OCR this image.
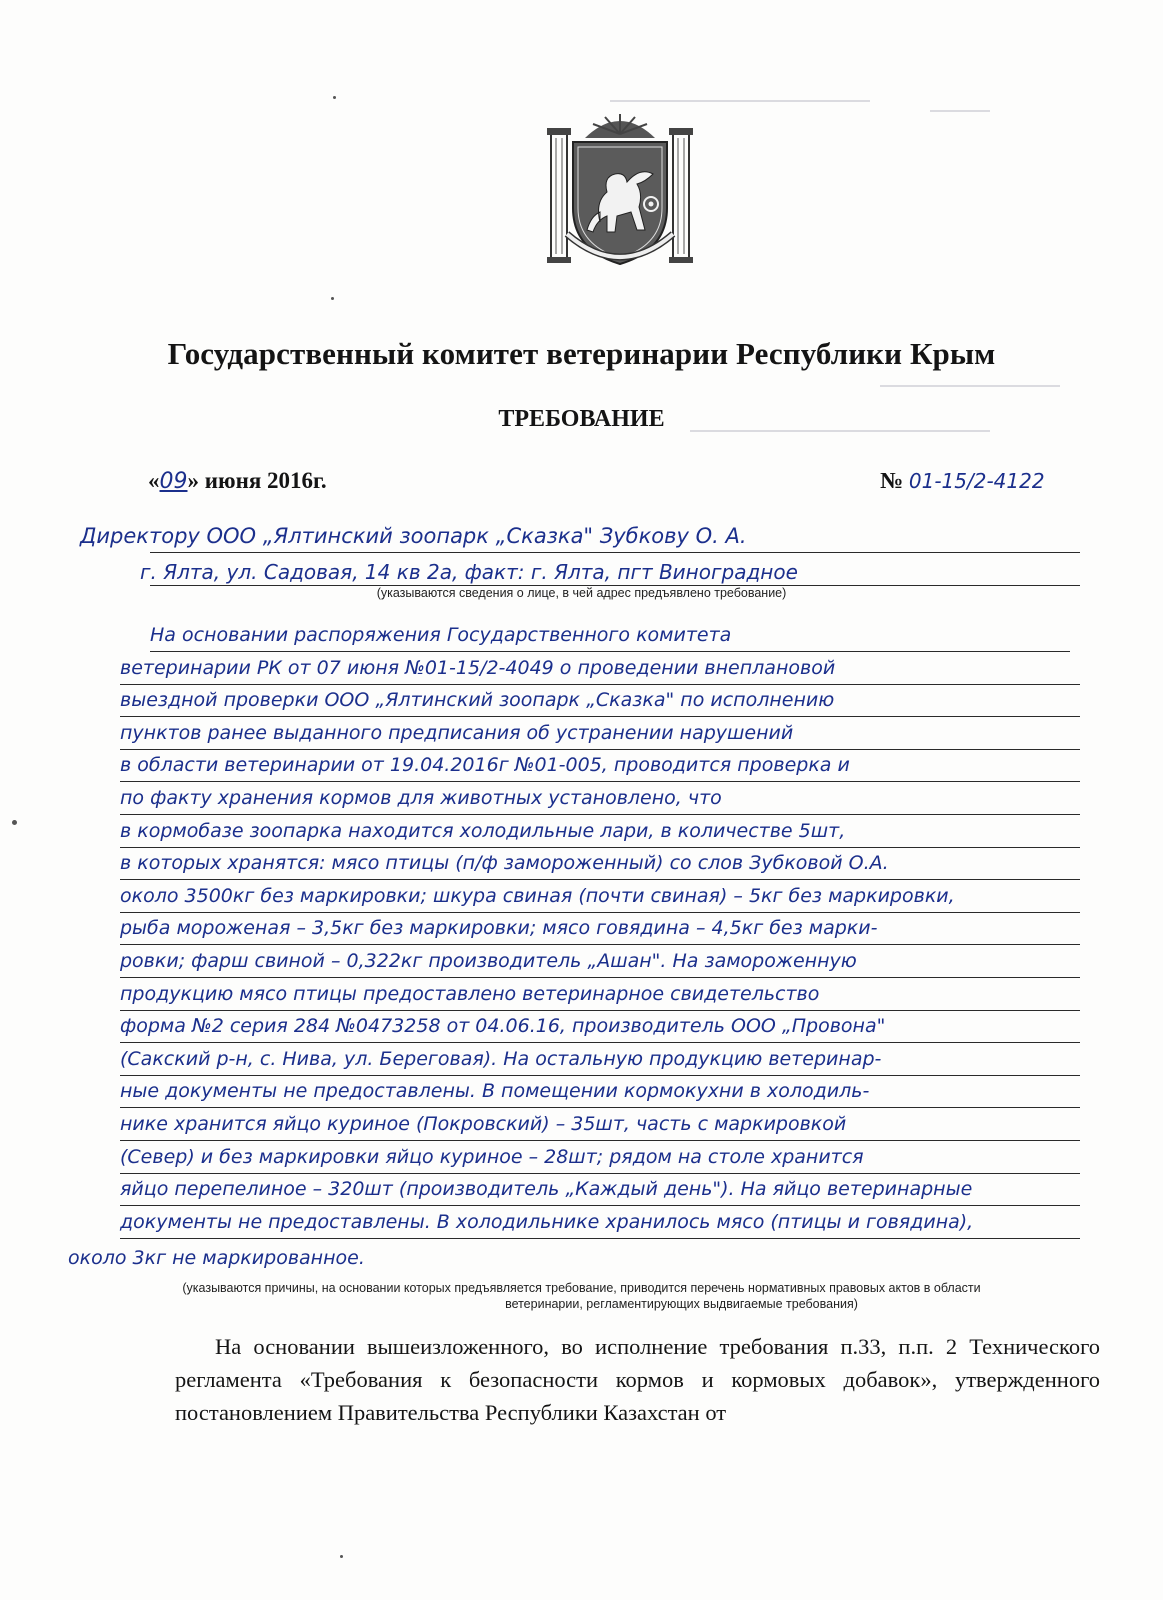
Государственный комитет ветеринарии Республики Крым
ТРЕБОВАНИЕ
«09» июня 2016г.	№ 01-15/2-4122
Директору ООО „Ялтинский зоопарк „Сказка" Зубкову О. А.
г. Ялта, ул. Садовая, 14 кв 2а, факт: г. Ялта, пгт Виноградное
(указываются сведения о лице, в чей адрес предъявлено требование)
На основании распоряжения Государственного комитета
ветеринарии РК от 07 июня №01-15/2-4049 о проведении внеплановой
выездной проверки ООО „Ялтинский зоопарк „Сказка" по исполнению
пунктов ранее выданного предписания об устранении нарушений
в области ветеринарии от 19.04.2016г №01-005, проводится проверка и
по факту хранения кормов для животных установлено, что
в кормобазе зоопарка находится холодильные лари, в количестве 5шт,
в которых хранятся: мясо птицы (п/ф замороженный) со слов Зубковой О.А.
около 3500кг без маркировки; шкура свиная (почти свиная) – 5кг без маркировки,
рыба мороженая – 3,5кг без маркировки; мясо говядина – 4,5кг без марки-
ровки; фарш свиной – 0,322кг производитель „Ашан". На замороженную
продукцию мясо птицы предоставлено ветеринарное свидетельство
форма №2 серия 284 №0473258 от 04.06.16, производитель ООО „Провона"
(Сакский р-н, с. Нива, ул. Береговая). На остальную продукцию ветеринар-
ные документы не предоставлены. В помещении кормокухни в холодиль-
нике хранится яйцо куриное (Покровский) – 35шт, часть с маркировкой
(Север) и без маркировки яйцо куриное – 28шт; рядом на столе хранится
яйцо перепелиное – 320шт (производитель „Каждый день"). На яйцо ветеринарные
документы не предоставлены. В холодильнике хранилось мясо (птицы и говядина),
около 3кг не маркированное.
(указываются причины, на основании которых предъявляется требование, приводится перечень нормативных правовых актов в области
ветеринарии, регламентирующих выдвигаемые требования)
На основании вышеизложенного, во исполнение требования п.33, п.п. 2 Технического регламента «Требования к безопасности кормов и кормовых добавок», утвержденного постановлением Правительства Республики Казахстан от
